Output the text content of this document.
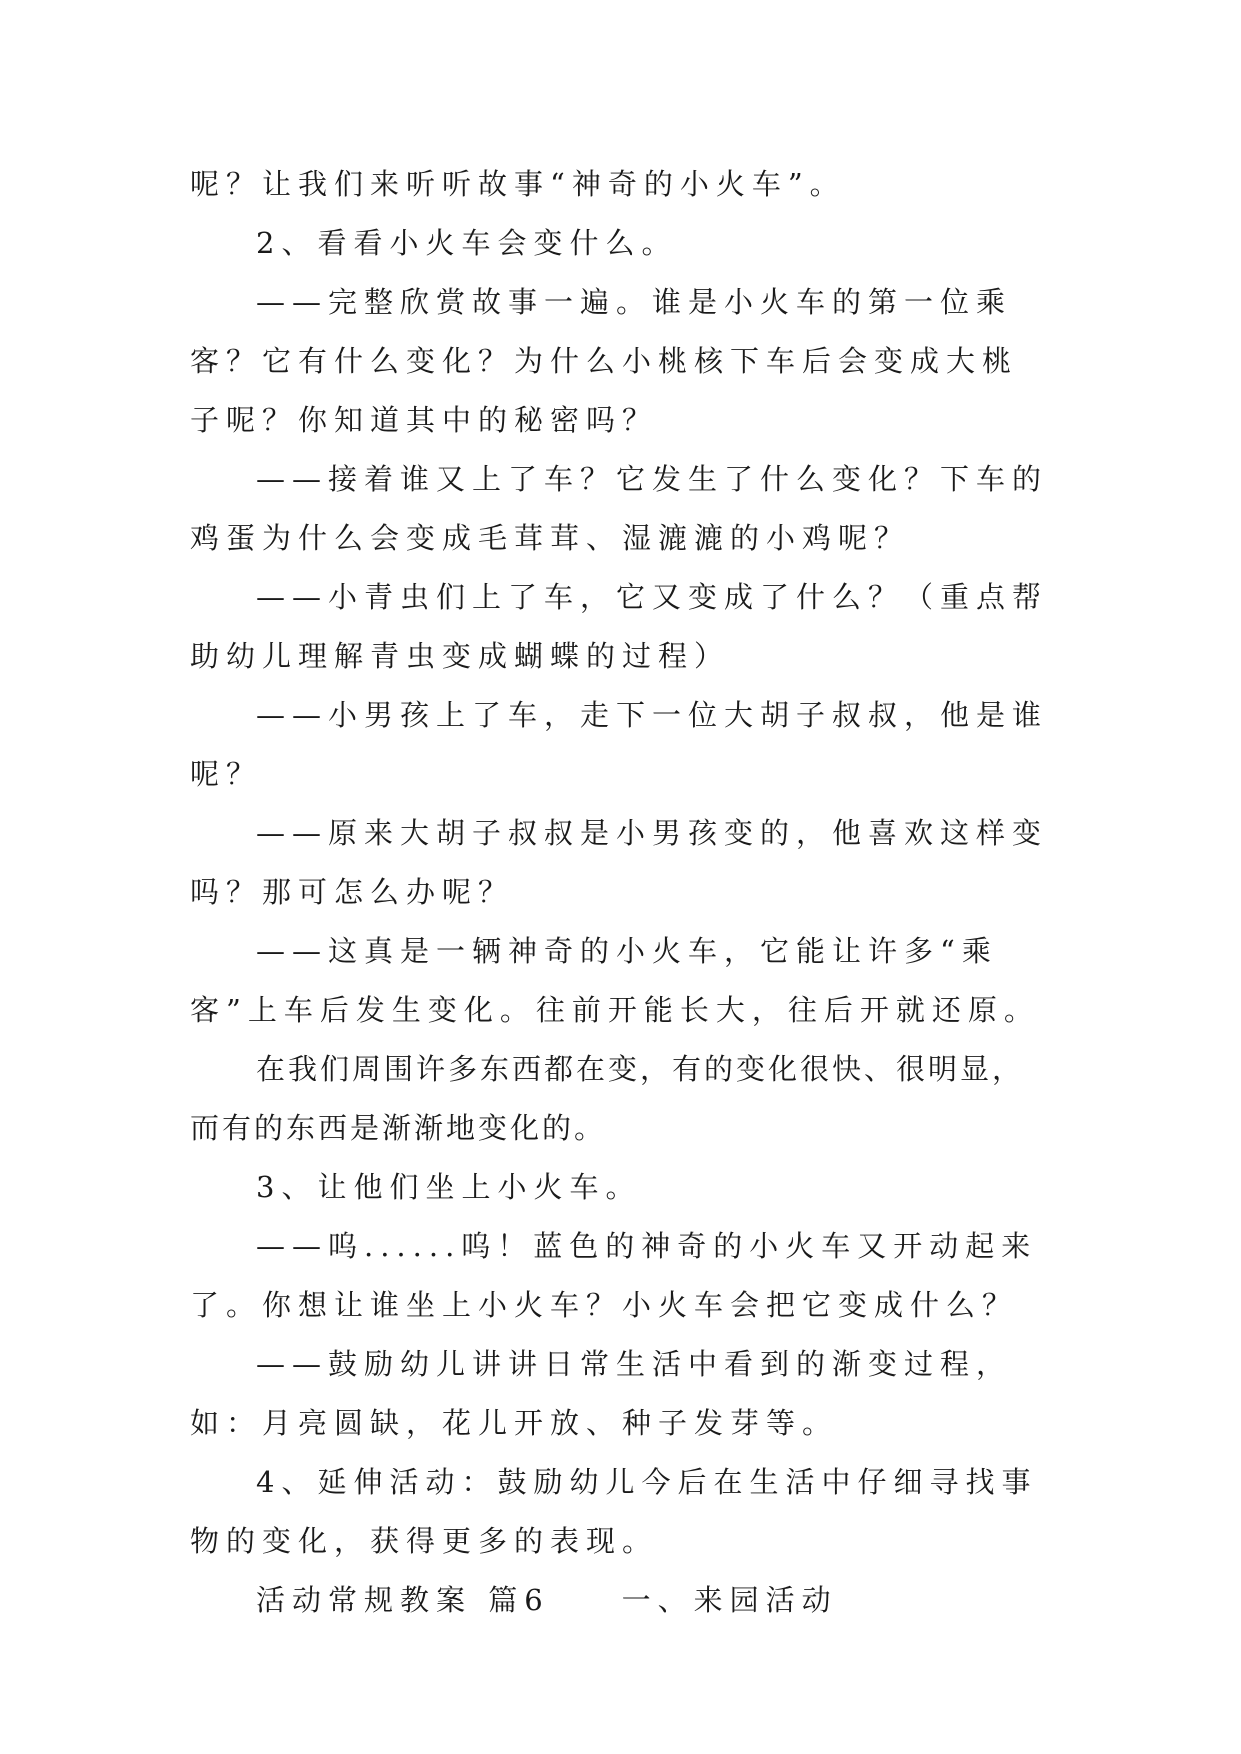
呢？让我们来听听故事“神奇的小火车”。

2、看看小火车会变什么。

——完整欣赏故事一遍。谁是小火车的第一位乘客？它有什么变化？为什么小桃核下车后会变成大桃子呢？你知道其中的秘密吗？

——接着谁又上了车？它发生了什么变化？下车的鸡蛋为什么会变成毛茸茸、湿漉漉的小鸡呢？

——小青虫们上了车，它又变成了什么？（重点帮助幼儿理解青虫变成蝴蝶的过程）

——小男孩上了车，走下一位大胡子叔叔，他是谁呢？

——原来大胡子叔叔是小男孩变的，他喜欢这样变吗？那可怎么办呢？

——这真是一辆神奇的小火车，它能让许多“乘客”上车后发生变化。往前开能长大，往后开就还原。

在我们周围许多东西都在变，有的变化很快、很明显，而有的东西是渐渐地变化的。

3、让他们坐上小火车。

——呜......呜！蓝色的神奇的小火车又开动起来了。你想让谁坐上小火车？小火车会把它变成什么？

——鼓励幼儿讲讲日常生活中看到的渐变过程，如：月亮圆缺，花儿开放、种子发芽等。

4、延伸活动：鼓励幼儿今后在生活中仔细寻找事物的变化，获得更多的表现。

活动常规教案 篇6　　一、来园活动
